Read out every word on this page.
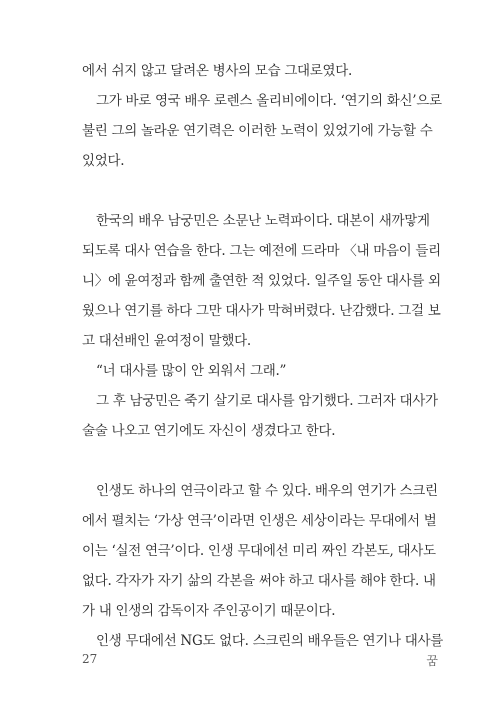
에서 쉬지 않고 달려온 병사의 모습 그대로였다.

그가 바로 영국 배우 로렌스 올리비에이다. ‘연기의 화신’으로

불린 그의 놀라운 연기력은 이러한 노력이 있었기에 가능할 수

있었다.

한국의 배우 남궁민은 소문난 노력파이다. 대본이 새까맣게

되도록 대사 연습을 한다. 그는 예전에 드라마 〈내 마음이 들리

니〉에 윤여정과 함께 출연한 적 있었다. 일주일 동안 대사를 외

웠으나 연기를 하다 그만 대사가 막혀버렸다. 난감했다. 그걸 보

고 대선배인 윤여정이 말했다.

“너 대사를 많이 안 외워서 그래.”

그 후 남궁민은 죽기 살기로 대사를 암기했다. 그러자 대사가

술술 나오고 연기에도 자신이 생겼다고 한다.

인생도 하나의 연극이라고 할 수 있다. 배우의 연기가 스크린

에서 펼치는 ‘가상 연극’이라면 인생은 세상이라는 무대에서 벌

이는 ‘실전 연극’이다. 인생 무대에선 미리 짜인 각본도, 대사도

없다. 각자가 자기 삶의 각본을 써야 하고 대사를 해야 한다. 내

가 내 인생의 감독이자 주인공이기 때문이다.

인생 무대에선 NG도 없다. 스크린의 배우들은 연기나 대사를

27	꿈
